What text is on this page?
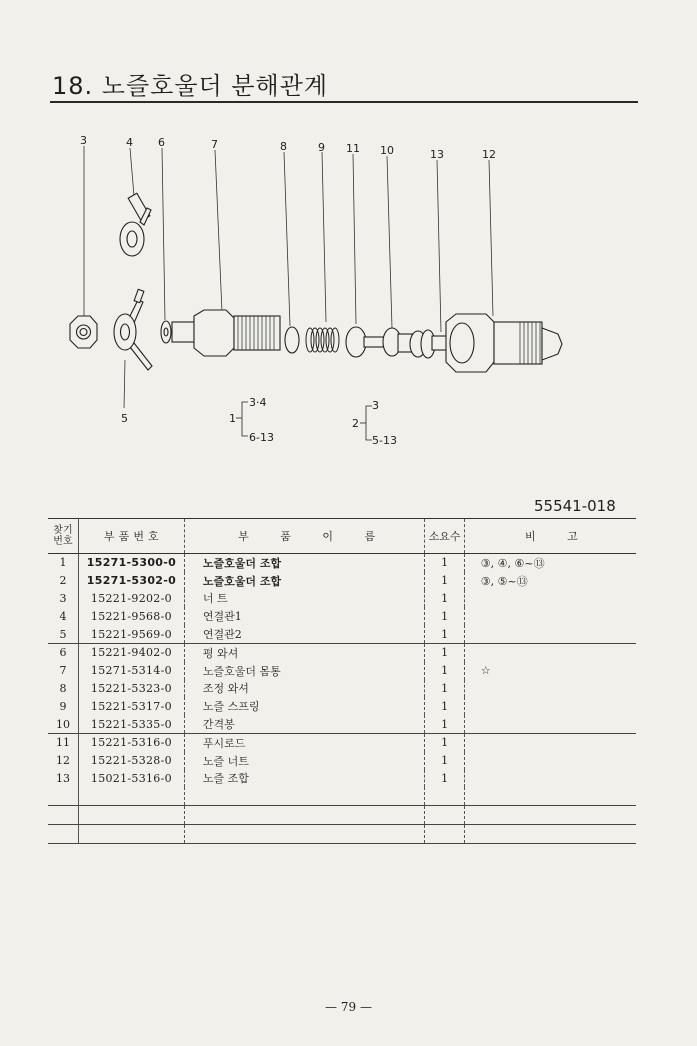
18. 노즐호울더 분해관계
3	4 6	7	8	9 11 10	13	12
5
3·4
1
6-13
3
2
5-13
55541-018
찾기
번호	부 품 번 호	부 품 이 름	소요수	비 고
1	15271-5300-0	노즐호울더 조합	1	③, ④, ⑥~⑬
2	15271-5302-0	노즐호울더 조합	1	③, ⑤~⑬
3	15221-9202-0	너 트	1	
4	15221-9568-0	연결관1	1	
5	15221-9569-0	연결관2	1	
6	15221-9402-0	평 와셔	1	
7	15271-5314-0	노즐호울더 몸통	1	☆
8	15221-5323-0	조정 와셔	1	
9	15221-5317-0	노즐 스프링	1	
10	15221-5335-0	간격봉	1	
11	15221-5316-0	푸시로드	1	
12	15221-5328-0	노즐 너트	1	
13	15021-5316-0	노즐 조합	1	

— 79 —
